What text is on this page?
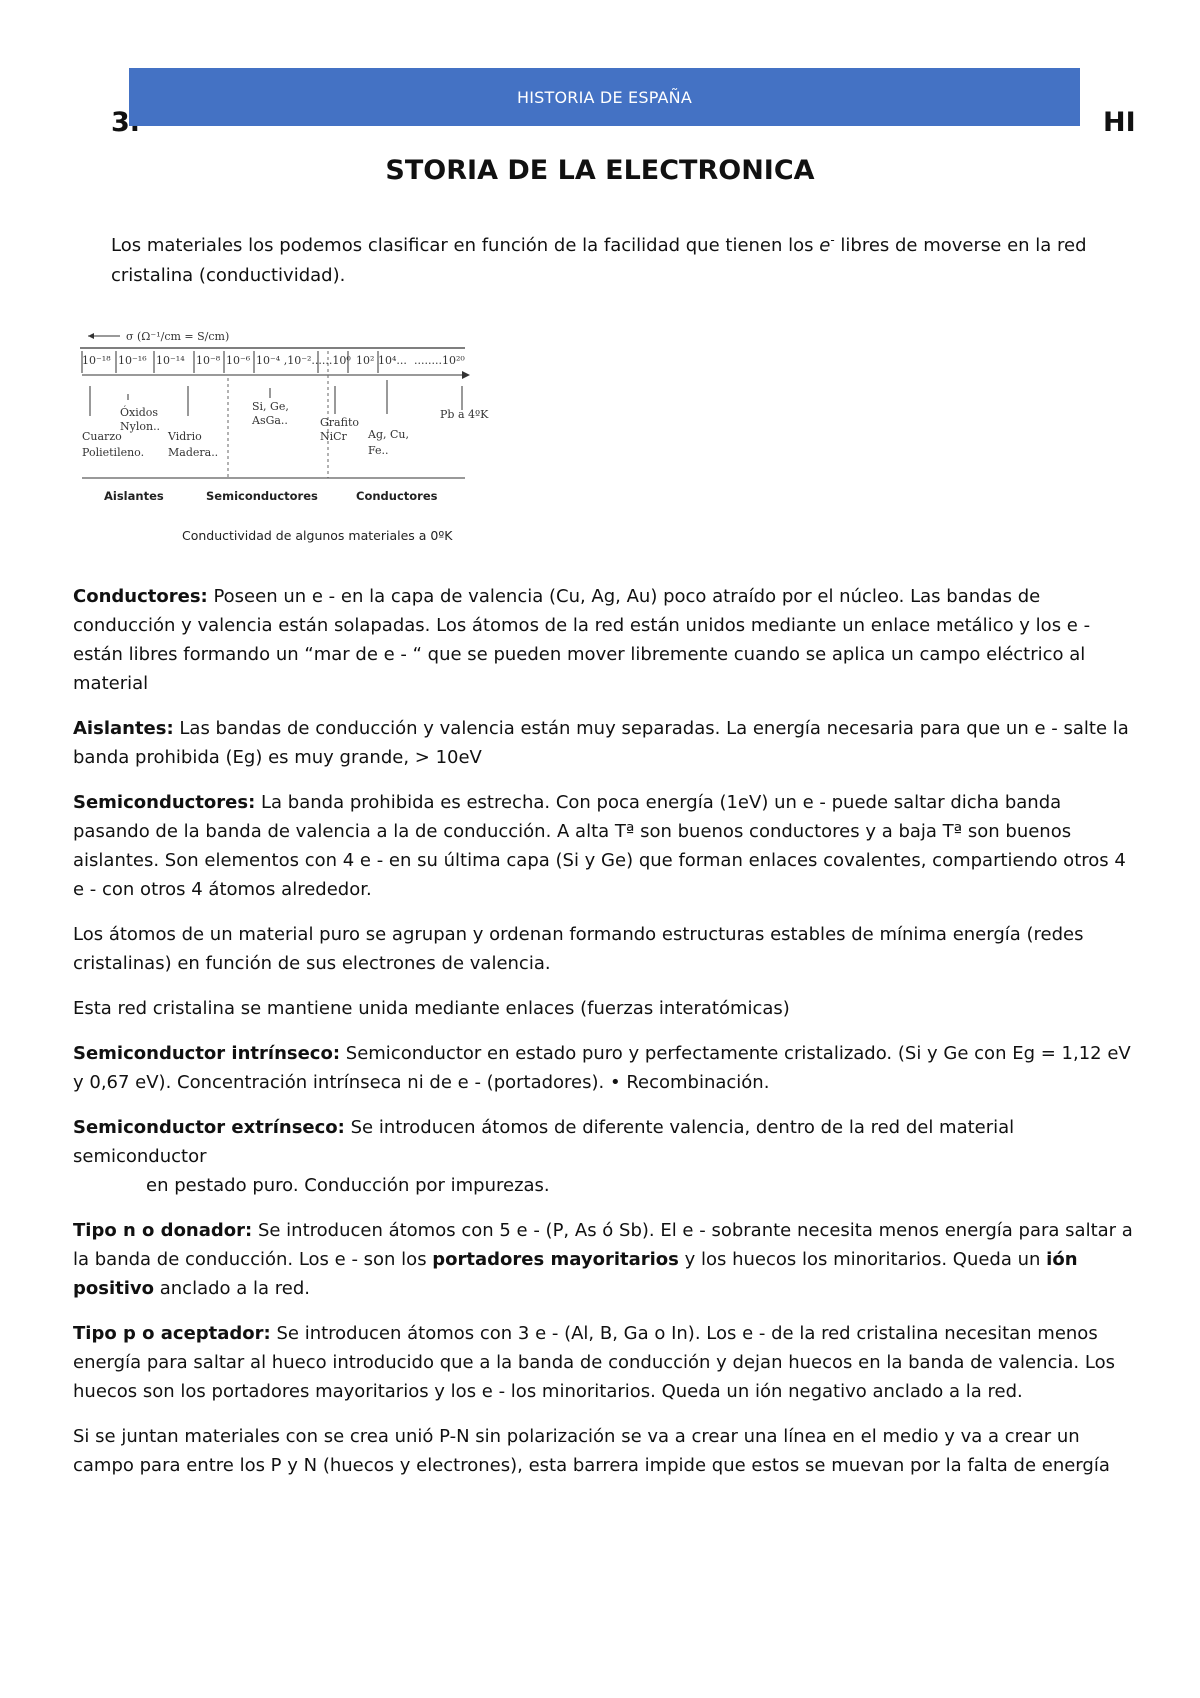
HISTORIA DE ESPAÑA
3.	HI
STORIA DE LA ELECTRONICA
Los materiales los podemos clasificar en función de la facilidad que tienen los e- libres de moverse en la red cristalina (conductividad).
σ (Ω⁻¹/cm = S/cm)
10⁻¹⁸ 10⁻¹⁶ 10⁻¹⁴ 10⁻⁸ 10⁻⁶ 10⁻⁴ ,10⁻²......10⁰ 10² 10⁴... ........10²⁰
Óxidos
Nylon..
Cuarzo
Polietileno.
Vidrio
Madera..
Si, Ge,
AsGa..	Grafito
NiCr Ag, Cu,
Fe..
Pb a 4ºK
Aislantes	Semiconductores	Conductores
Conductividad de algunos materiales a 0ºK

Conductores: Poseen un e - en la capa de valencia (Cu, Ag, Au) poco atraído por el núcleo. Las bandas de conducción y valencia están solapadas. Los átomos de la red están unidos mediante un enlace metálico y los e - están libres formando un “mar de e - “ que se pueden mover libremente cuando se aplica un campo eléctrico al material

Aislantes: Las bandas de conducción y valencia están muy separadas. La energía necesaria para que un e - salte la banda prohibida (Eg) es muy grande, > 10eV

Semiconductores: La banda prohibida es estrecha. Con poca energía (1eV) un e - puede saltar dicha banda pasando de la banda de valencia a la de conducción. A alta Tª son buenos conductores y a baja Tª son buenos aislantes. Son elementos con 4 e - en su última capa (Si y Ge) que forman enlaces covalentes, compartiendo otros 4 e - con otros 4 átomos alrededor.

Los átomos de un material puro se agrupan y ordenan formando estructuras estables de mínima energía (redes cristalinas) en función de sus electrones de valencia.

Esta red cristalina se mantiene unida mediante enlaces (fuerzas interatómicas)

Semiconductor intrínseco: Semiconductor en estado puro y perfectamente cristalizado. (Si y Ge con Eg = 1,12 eV y 0,67 eV). Concentración intrínseca ni de e - (portadores). • Recombinación.

Semiconductor extrínseco: Se introducen átomos de diferente valencia, dentro de la red del material semiconductor
en pestado puro. Conducción por impurezas.

Tipo n o donador: Se introducen átomos con 5 e - (P, As ó Sb). El e - sobrante necesita menos energía para saltar a la banda de conducción. Los e - son los portadores mayoritarios y los huecos los minoritarios. Queda un ión positivo anclado a la red.

Tipo p o aceptador: Se introducen átomos con 3 e - (Al, B, Ga o In). Los e - de la red cristalina necesitan menos energía para saltar al hueco introducido que a la banda de conducción y dejan huecos en la banda de valencia. Los huecos son los portadores mayoritarios y los e - los minoritarios. Queda un ión negativo anclado a la red.

Si se juntan materiales con se crea unió P-N sin polarización se va a crear una línea en el medio y va a crear un campo para entre los P y N (huecos y electrones), esta barrera impide que estos se muevan por la falta de energía
